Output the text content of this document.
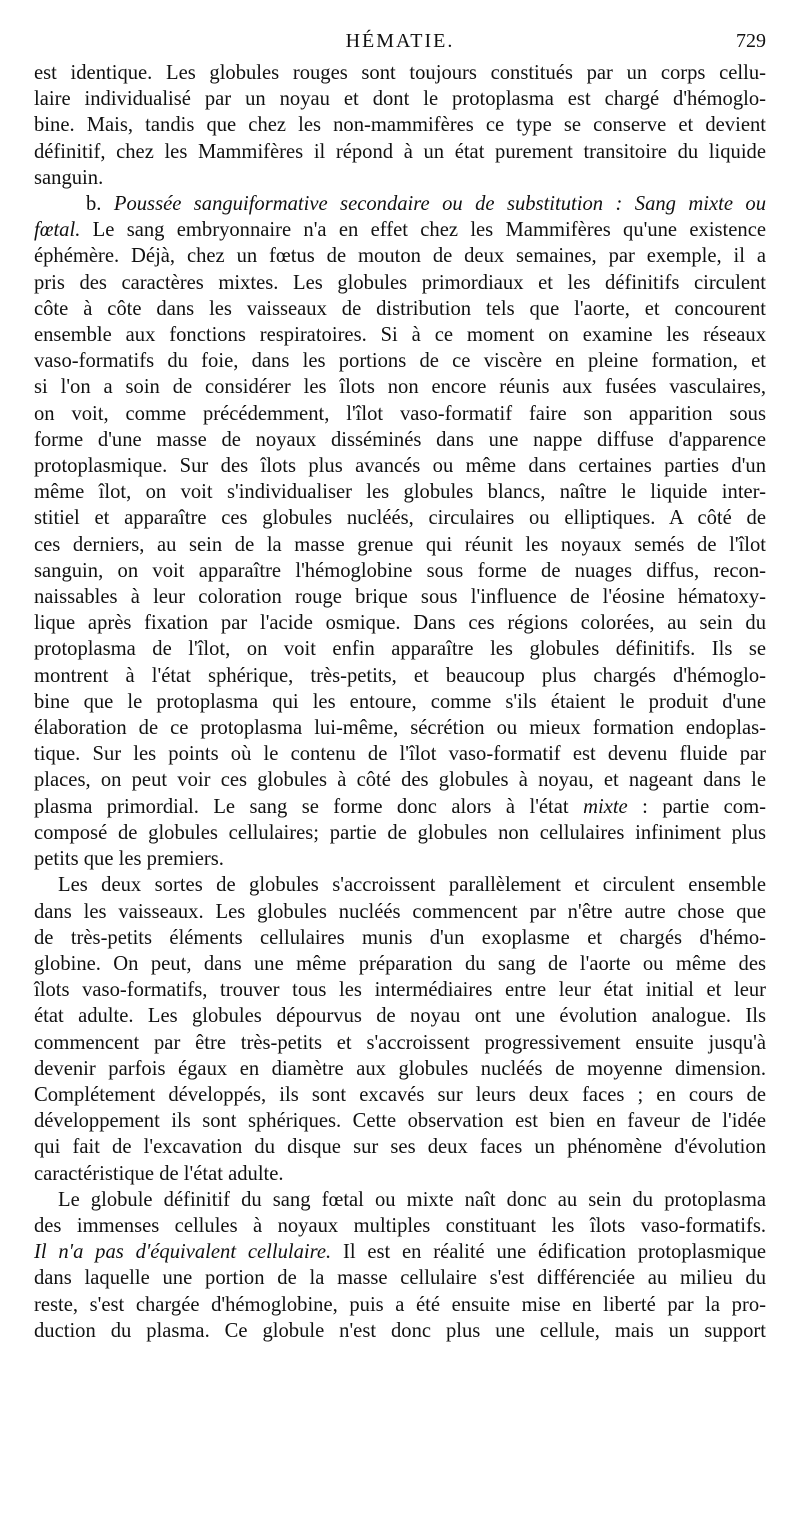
HÉMATIE.	729

est identique. Les globules rouges sont toujours constitués par un corps cellu-
laire individualisé par un noyau et dont le protoplasma est chargé d'hémoglo-
bine. Mais, tandis que chez les non-mammifères ce type se conserve et devient
définitif, chez les Mammifères il répond à un état purement transitoire du liquide
sanguin.

b. Poussée sanguiformative secondaire ou de substitution : Sang mixte ou
fœtal. Le sang embryonnaire n'a en effet chez les Mammifères qu'une existence
éphémère. Déjà, chez un fœtus de mouton de deux semaines, par exemple, il a
pris des caractères mixtes. Les globules primordiaux et les définitifs circulent
côte à côte dans les vaisseaux de distribution tels que l'aorte, et concourent
ensemble aux fonctions respiratoires. Si à ce moment on examine les réseaux
vaso-formatifs du foie, dans les portions de ce viscère en pleine formation, et
si l'on a soin de considérer les îlots non encore réunis aux fusées vasculaires,
on voit, comme précédemment, l'îlot vaso-formatif faire son apparition sous
forme d'une masse de noyaux disséminés dans une nappe diffuse d'apparence
protoplasmique. Sur des îlots plus avancés ou même dans certaines parties d'un
même îlot, on voit s'individualiser les globules blancs, naître le liquide inter-
stitiel et apparaître ces globules nucléés, circulaires ou elliptiques. A côté de
ces derniers, au sein de la masse grenue qui réunit les noyaux semés de l'îlot
sanguin, on voit apparaître l'hémoglobine sous forme de nuages diffus, recon-
naissables à leur coloration rouge brique sous l'influence de l'éosine hématoxy-
lique après fixation par l'acide osmique. Dans ces régions colorées, au sein du
protoplasma de l'îlot, on voit enfin apparaître les globules définitifs. Ils se
montrent à l'état sphérique, très-petits, et beaucoup plus chargés d'hémoglo-
bine que le protoplasma qui les entoure, comme s'ils étaient le produit d'une
élaboration de ce protoplasma lui-même, sécrétion ou mieux formation endoplas-
tique. Sur les points où le contenu de l'îlot vaso-formatif est devenu fluide par
places, on peut voir ces globules à côté des globules à noyau, et nageant dans le
plasma primordial. Le sang se forme donc alors à l'état mixte : partie com-
composé de globules cellulaires; partie de globules non cellulaires infiniment plus
petits que les premiers.

Les deux sortes de globules s'accroissent parallèlement et circulent ensemble
dans les vaisseaux. Les globules nucléés commencent par n'être autre chose que
de très-petits éléments cellulaires munis d'un exoplasme et chargés d'hémo-
globine. On peut, dans une même préparation du sang de l'aorte ou même des
îlots vaso-formatifs, trouver tous les intermédiaires entre leur état initial et leur
état adulte. Les globules dépourvus de noyau ont une évolution analogue. Ils
commencent par être très-petits et s'accroissent progressivement ensuite jusqu'à
devenir parfois égaux en diamètre aux globules nucléés de moyenne dimension.
Complétement développés, ils sont excavés sur leurs deux faces ; en cours de
développement ils sont sphériques. Cette observation est bien en faveur de l'idée
qui fait de l'excavation du disque sur ses deux faces un phénomène d'évolution
caractéristique de l'état adulte.

Le globule définitif du sang fœtal ou mixte naît donc au sein du protoplasma
des immenses cellules à noyaux multiples constituant les îlots vaso-formatifs.
Il n'a pas d'équivalent cellulaire. Il est en réalité une édification protoplasmique
dans laquelle une portion de la masse cellulaire s'est différenciée au milieu du
reste, s'est chargée d'hémoglobine, puis a été ensuite mise en liberté par la pro-
duction du plasma. Ce globule n'est donc plus une cellule, mais un support
